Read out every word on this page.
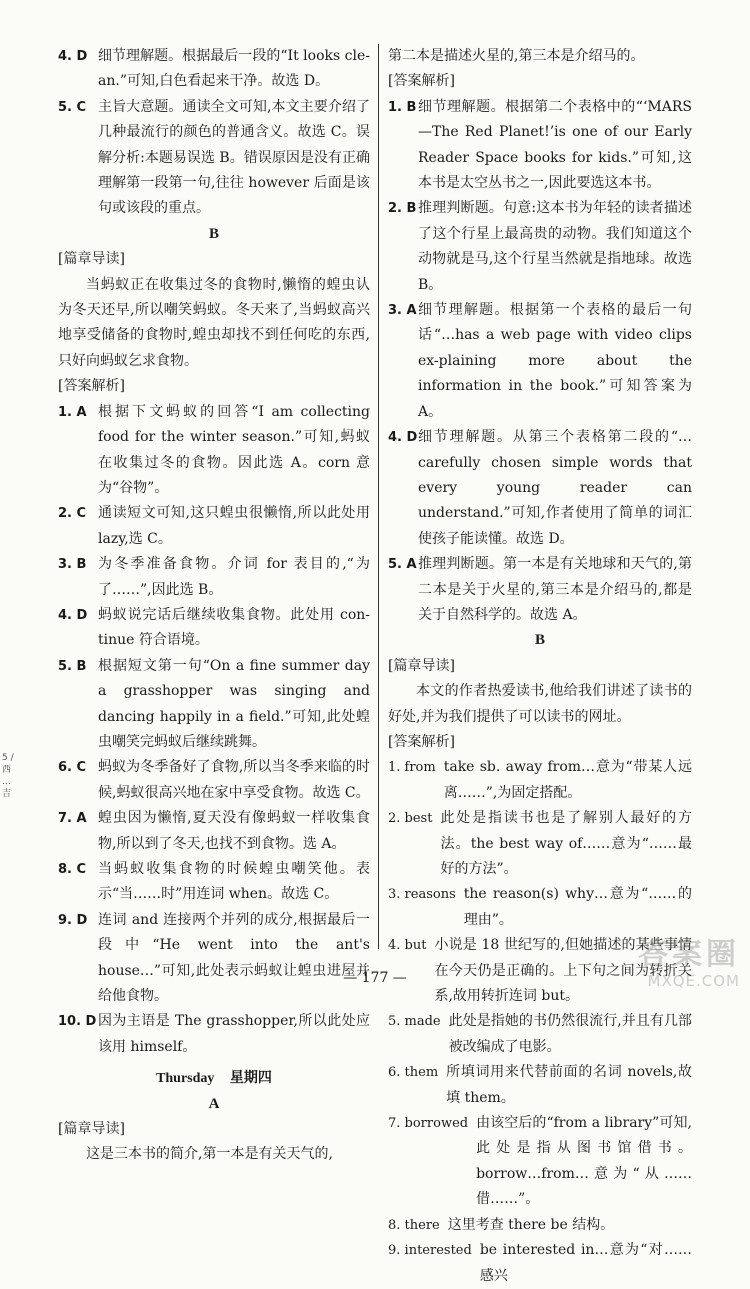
4. D 细节理解题。根据最后一段的“It looks cle-an.”可知,白色看起来干净。故选 D。
5. C 主旨大意题。通读全文可知,本文主要介绍了几种最流行的颜色的普通含义。故选 C。误解分析:本题易误选 B。错误原因是没有正确理解第一段第一句,往往 however 后面是该句或该段的重点。
B
[篇章导读]
当蚂蚁正在收集过冬的食物时,懒惰的蝗虫认为冬天还早,所以嘲笑蚂蚁。冬天来了,当蚂蚁高兴地享受储备的食物时,蝗虫却找不到任何吃的东西,只好向蚂蚁乞求食物。
[答案解析]
1. A 根据下文蚂蚁的回答“I am collecting food for the winter season.”可知,蚂蚁在收集过冬的食物。因此选 A。corn 意为“谷物”。
2. C 通读短文可知,这只蝗虫很懒惰,所以此处用 lazy,选 C。
3. B 为冬季准备食物。介词 for 表目的,“为了……”,因此选 B。
4. D 蚂蚁说完话后继续收集食物。此处用 con-tinue 符合语境。
5. B 根据短文第一句“On a fine summer day a grasshopper was singing and dancing happily in a field.”可知,此处蝗虫嘲笑完蚂蚁后继续跳舞。
6. C 蚂蚁为冬季备好了食物,所以当冬季来临的时候,蚂蚁很高兴地在家中享受食物。故选 C。
7. A 蝗虫因为懒惰,夏天没有像蚂蚁一样收集食物,所以到了冬天,也找不到食物。选 A。
8. C 当蚂蚁收集食物的时候蝗虫嘲笑他。表示“当……时”用连词 when。故选 C。
9. D 连词 and 连接两个并列的成分,根据最后一段中“He went into the ant's house…”可知,此处表示蚂蚁让蝗虫进屋并给他食物。
10. D 因为主语是 The grasshopper,所以此处应该用 himself。
Thursday 星期四
A
[篇章导读]
这是三本书的简介,第一本是有关天气的,
第二本是描述火星的,第三本是介绍马的。
[答案解析]
1. B 细节理解题。根据第二个表格中的“‘MARS—The Red Planet!’is one of our Early Reader Space books for kids.”可知,这本书是太空丛书之一,因此要选这本书。
2. B 推理判断题。句意:这本书为年轻的读者描述了这个行星上最高贵的动物。我们知道这个动物就是马,这个行星当然就是指地球。故选 B。
3. A 细节理解题。根据第一个表格的最后一句话“…has a web page with video clips ex-plaining more about the information in the book.”可知答案为 A。
4. D 细节理解题。从第三个表格第二段的“…carefully chosen simple words that every young reader can understand.”可知,作者使用了简单的词汇使孩子能读懂。故选 D。
5. A 推理判断题。第一本是有关地球和天气的,第二本是关于火星的,第三本是介绍马的,都是关于自然科学的。故选 A。
B
[篇章导读]
本文的作者热爱读书,他给我们讲述了读书的好处,并为我们提供了可以读书的网址。
[答案解析]
1. from take sb. away from…意为“带某人远离……”,为固定搭配。
2. best 此处是指读书也是了解别人最好的方法。the best way of……意为“……最好的方法”。
3. reasons the reason(s) why…意为“……的理由”。
4. but 小说是 18 世纪写的,但她描述的某些事情在今天仍是正确的。上下句之间为转折关系,故用转折连词 but。
5. made 此处是指她的书仍然很流行,并且有几部被改编成了电影。
6. them 所填词用来代替前面的名词 novels,故填 them。
7. borrowed 由该空后的“from a library”可知,此处是指从图书馆借书。borrow…from…意为“从……借……”。
8. there 这里考查 there be 结构。
9. interested be interested in…意为“对……感兴
— 177 —
5 / 西 … 吉
答案圈
MXQE.COM
